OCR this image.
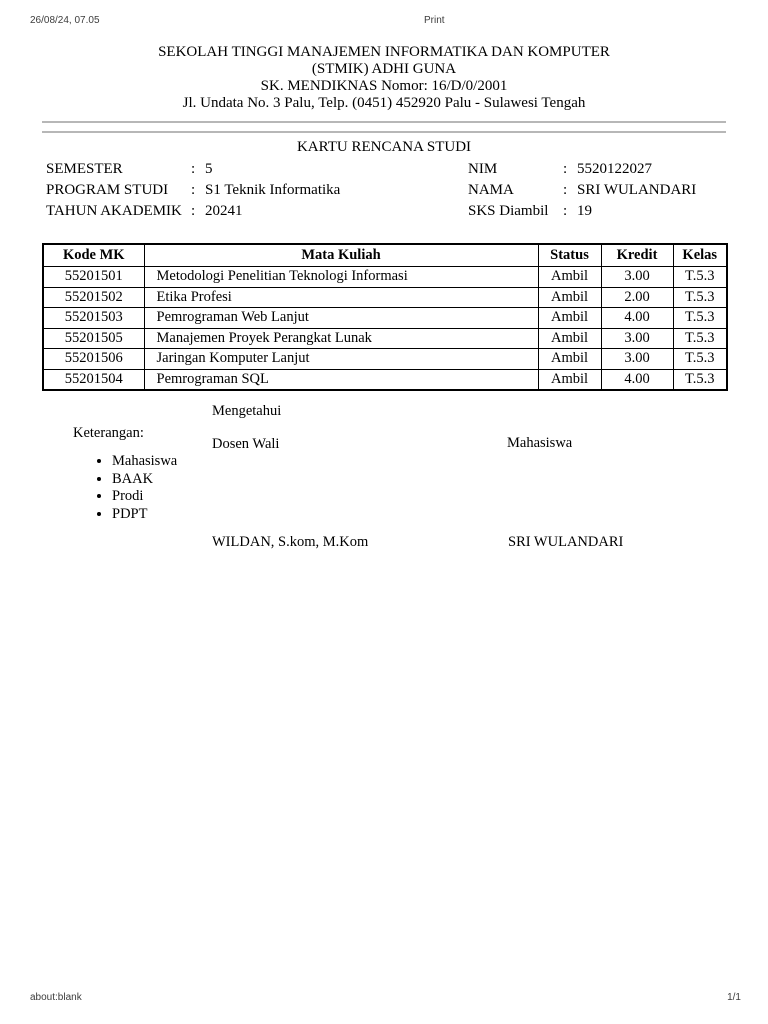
26/08/24, 07.05	Print
SEKOLAH TINGGI MANAJEMEN INFORMATIKA DAN KOMPUTER
(STMIK) ADHI GUNA
SK. MENDIKNAS Nomor: 16/D/0/2001
Jl. Undata No. 3 Palu, Telp. (0451) 452920 Palu - Sulawesi Tengah
KARTU RENCANA STUDI
SEMESTER	: 5
PROGRAM STUDI : S1 Teknik Informatika
TAHUN AKADEMIK : 20241
NIM	: 5520122027
NAMA	: SRI WULANDARI
SKS Diambil : 19
Kode MK	Mata Kuliah	Status	Kredit	Kelas
55201501	Metodologi Penelitian Teknologi Informasi	Ambil	3.00	T.5.3
55201502	Etika Profesi	Ambil	2.00	T.5.3
55201503	Pemrograman Web Lanjut	Ambil	4.00	T.5.3
55201505	Manajemen Proyek Perangkat Lunak	Ambil	3.00	T.5.3
55201506	Jaringan Komputer Lanjut	Ambil	3.00	T.5.3
55201504	Pemrograman SQL	Ambil	4.00	T.5.3
Mengetahui
Keterangan:
Dosen Wali	Mahasiswa
• Mahasiswa
• BAAK
• Prodi
• PDPT
WILDAN, S.kom, M.Kom	SRI WULANDARI
about:blank	1/1
